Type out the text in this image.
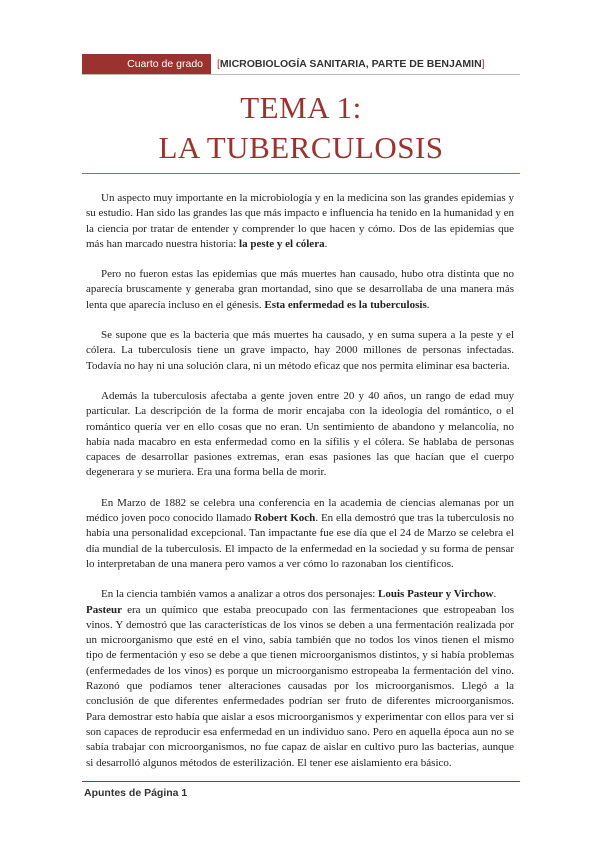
Cuarto de grado	[ MICROBIOLOGÍA SANITARIA, PARTE DE BENJAMIN ]
TEMA 1:
LA TUBERCULOSIS

Un aspecto muy importante en la microbiología y en la medicina son las grandes epidemias y su estudio. Han sido las grandes las que más impacto e influencia ha tenido en la humanidad y en la ciencia por tratar de entender y comprender lo que hacen y cómo. Dos de las epidemias que más han marcado nuestra historia: la peste y el cólera.

Pero no fueron estas las epidemias que más muertes han causado, hubo otra distinta que no aparecía bruscamente y generaba gran mortandad, sino que se desarrollaba de una manera más lenta que aparecía incluso en el génesis. Esta enfermedad es la tuberculosis.

Se supone que es la bacteria que más muertes ha causado, y en suma supera a la peste y el cólera. La tuberculosis tiene un grave impacto, hay 2000 millones de personas infectadas. Todavía no hay ni una solución clara, ni un método eficaz que nos permita eliminar esa bacteria.

Además la tuberculosis afectaba a gente joven entre 20 y 40 años, un rango de edad muy particular. La descripción de la forma de morir encajaba con la ideología del romántico, o el romántico quería ver en ello cosas que no eran. Un sentimiento de abandono y melancolía, no había nada macabro en esta enfermedad como en la sífilis y el cólera. Se hablaba de personas capaces de desarrollar pasiones extremas, eran esas pasiones las que hacían que el cuerpo degenerara y se muriera. Era una forma bella de morir.

En Marzo de 1882 se celebra una conferencia en la academia de ciencias alemanas por un médico joven poco conocido llamado Robert Koch. En ella demostró que tras la tuberculosis no había una personalidad excepcional. Tan impactante fue ese día que el 24 de Marzo se celebra el día mundial de la tuberculosis. El impacto de la enfermedad en la sociedad y su forma de pensar lo interpretaban de una manera pero vamos a ver cómo lo razonaban los científicos.

En la ciencia también vamos a analizar a otros dos personajes: Louis Pasteur y Virchow.

Pasteur era un químico que estaba preocupado con las fermentaciones que estropeaban los vinos. Y demostró que las características de los vinos se deben a una fermentación realizada por un microorganismo que esté en el vino, sabía también que no todos los vinos tienen el mismo tipo de fermentación y eso se debe a que tienen microorganismos distintos, y si había problemas (enfermedades de los vinos) es porque un microorganismo estropeaba la fermentación del vino. Razonó que podíamos tener alteraciones causadas por los microorganismos. Llegó a la conclusión de que diferentes enfermedades podrían ser fruto de diferentes microorganismos. Para demostrar esto había que aislar a esos microorganismos y experimentar con ellos para ver si son capaces de reproducir esa enfermedad en un individuo sano. Pero en aquella época aun no se sabía trabajar con microorganismos, no fue capaz de aislar en cultivo puro las bacterias, aunque si desarrolló algunos métodos de esterilización. El tener ese aislamiento era básico.

Apuntes de Página 1
